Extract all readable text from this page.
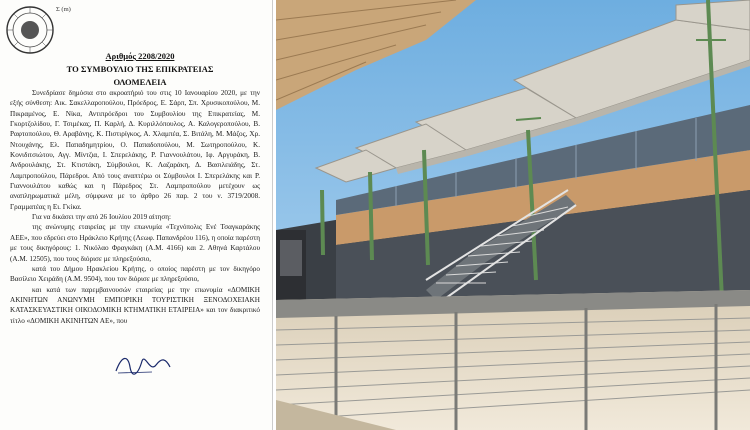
Σ (m)
Αριθμός 2208/2020
ΤΟ ΣΥΜΒΟΥΛΙΟ ΤΗΣ ΕΠΙΚΡΑΤΕΙΑΣ
ΟΛΟΜΕΛΕΙΑ

Συνεδρίασε δημόσια στο ακροατήριό του στις 10 Ιανουαρίου 2020, με την εξής σύνθεση: Αικ. Σακελλαροπούλου, Πρόεδρος, Ε. Σάρπ, Σπ. Χρυσικοπούλου, Μ. Πικραμένος, Ε. Νίκα, Αντιπρόεδροι του Συμβουλίου της Επικρατείας, Μ. Γκορτζολίδου, Γ. Τσιμέκας, Π. Καρλή, Δ. Κυριλλόπουλος, Α. Καλογεροπούλου, Β. Ραφτοπούλου, Θ. Αραβάνης, Κ. Πιστιρίγκος, Α. Χλαμπέα, Σ. Βιτάλη, Μ. Μάζος, Χρ. Ντουχάνης, Ελ. Παπαδημητρίου, Ο. Παπαδοπούλου, Μ. Σωτηροπούλου, Κ. Κονιδιτσιώτου, Αγγ. Μίντζια, Ι. Σπερελάκης, Ρ. Γιαννουλάτου, Ιφ. Αργυράκη, Β. Ανδρουλάκης, Στ. Κτιστάκη, Σύμβουλοι, Κ. Λαζαράκη, Δ. Βασιλειάδης, Στ. Λαμπροπούλου, Πάρεδροι. Από τους αναπτέρω οι Σύμβουλοι Ι. Σπερελάκης και Ρ. Γιαννουλάτου καθώς και η Πάρεδρος Στ. Λαμπροπούλου μετέχουν ως αναπληρωματικά μέλη, σύμφωνα με το άρθρο 26 παρ. 2 του ν. 3719/2008. Γραμματέας η Ει. Γκίκα.

Για να δικάσει την από 26 Ιουλίου 2019 αίτηση:

της ανώνυμης εταιρείας με την επωνυμία «Τεχνόπολις Ενέ Τσαγκαράκης ΑΕΕ», που εδρεύει στο Ηράκλειο Κρήτης (Λεωφ. Παπανδρέου 116), η οποία παρέστη με τους δικηγόρους: 1. Νικόλαο Φραγκάκη (Α.Μ. 4166) και 2. Αθηνά Καρτάλου (Α.Μ. 12505), που τους διόρισε με πληρεξούσιο,

κατά του Δήμου Ηρακλείου Κρήτης, ο οποίος παρέστη με τον δικηγόρο Βασίλειο Χειράδη (Α.Μ. 9504), που τον διόρισε με πληρεξούσιο,

και κατά των παρεμβαινουσών εταιρείας με την επωνυμία «ΔΟΜΙΚΗ ΑΚΙΝΗΤΩΝ ΑΝΩΝΥΜΗ ΕΜΠΟΡΙΚΗ ΤΟΥΡΙΣΤΙΚΗ ΞΕΝΟΔΟΧΕΙΑΚΗ ΚΑΤΑΣΚΕΥΑΣΤΙΚΗ ΟΙΚΟΔΟΜΙΚΗ ΚΤΗΜΑΤΙΚΗ ΕΤΑΙΡΕΙΑ» και τον διακριτικό τίτλο «ΔΟΜΙΚΗ ΑΚΙΝΗΤΩΝ ΑΕ», που
